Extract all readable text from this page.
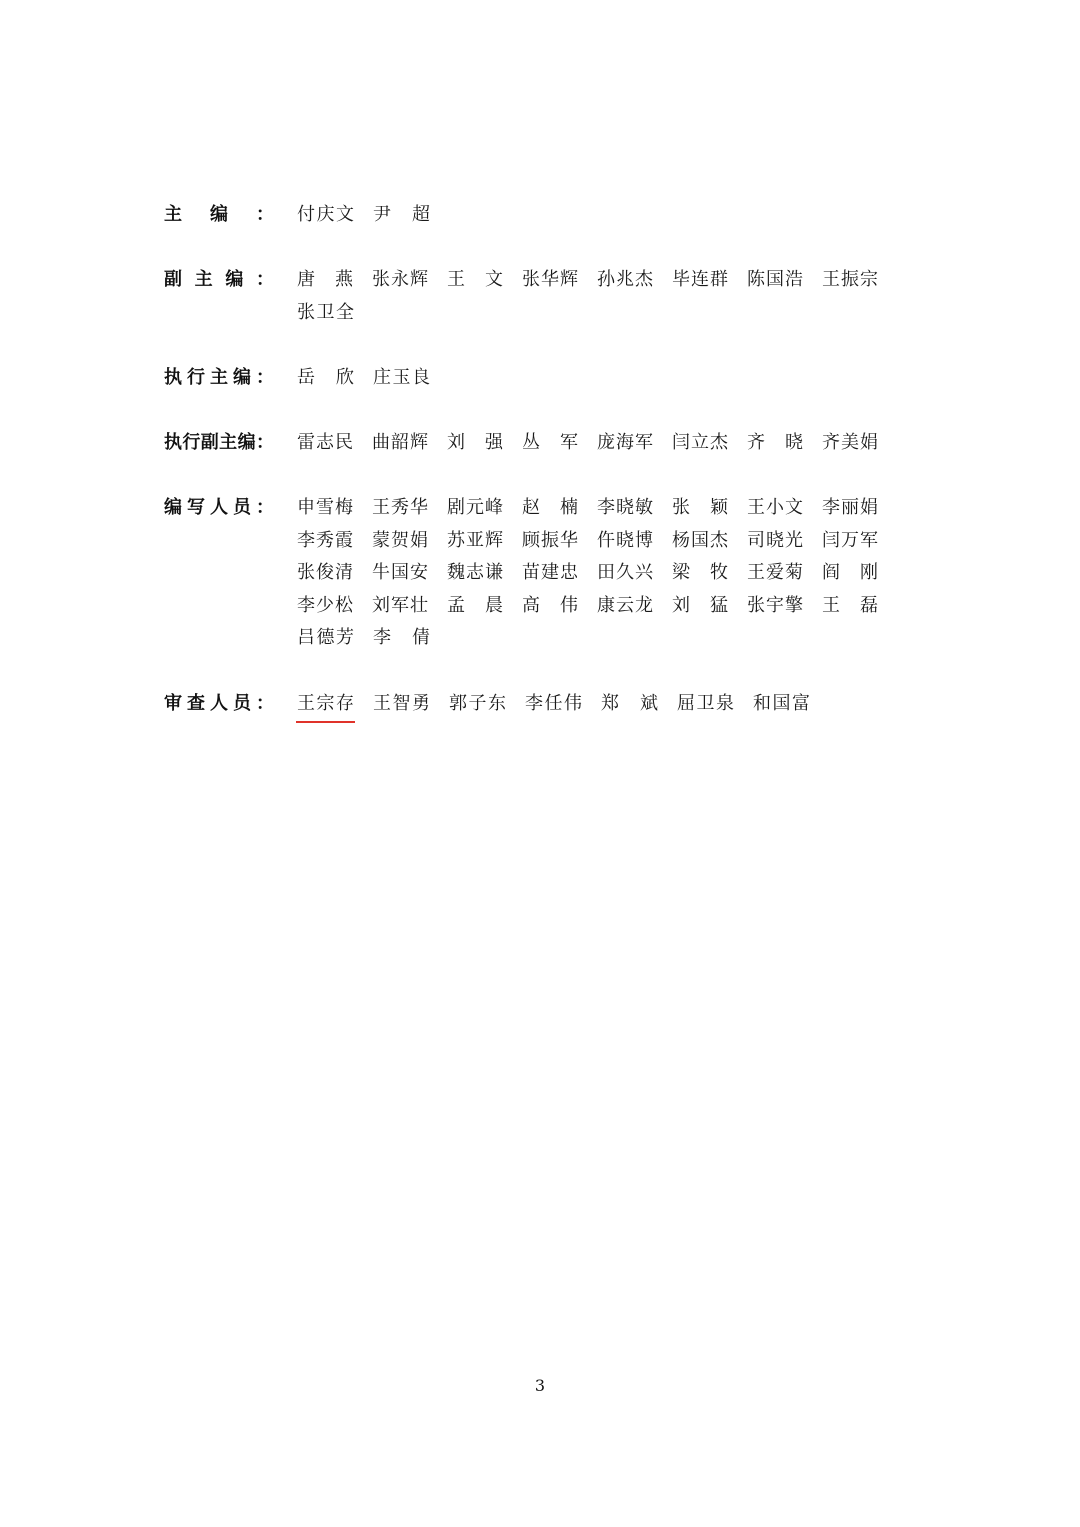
主 编 ： 付 庆 文 尹 超
副 主 编 ： 唐 燕 张 永 辉 王 文 张 华 辉 孙 兆 杰 毕 连 群 陈 国 浩 王 振 宗
张 卫 全
执 行 主 编 ： 岳 欣 庄 玉 良
执 行 副 主 编 ： 雷 志 民 曲 韶 辉 刘 强 丛 军 庞 海 军 闫 立 杰 齐 晓 齐 美 娟
编 写 人 员 ： 申 雪 梅 王 秀 华 剧 元 峰 赵 楠 李 晓 敏 张 颖 王 小 文 李 丽 娟
李 秀 霞 蒙 贺 娟 苏 亚 辉 顾 振 华 仵 晓 博 杨 国 杰 司 晓 光 闫 万 军
张 俊 清 牛 国 安 魏 志 谦 苗 建 忠 田 久 兴 梁 牧 王 爱 菊 阎 刚
李 少 松 刘 军 壮 孟 晨 高 伟 康 云 龙 刘 猛 张 宇 擎 王 磊
吕 德 芳 李 倩
审 查 人 员 ： 王 宗 存 王 智 勇 郭 子 东 李 任 伟 郑 斌 屈 卫 泉 和 国 富
3
